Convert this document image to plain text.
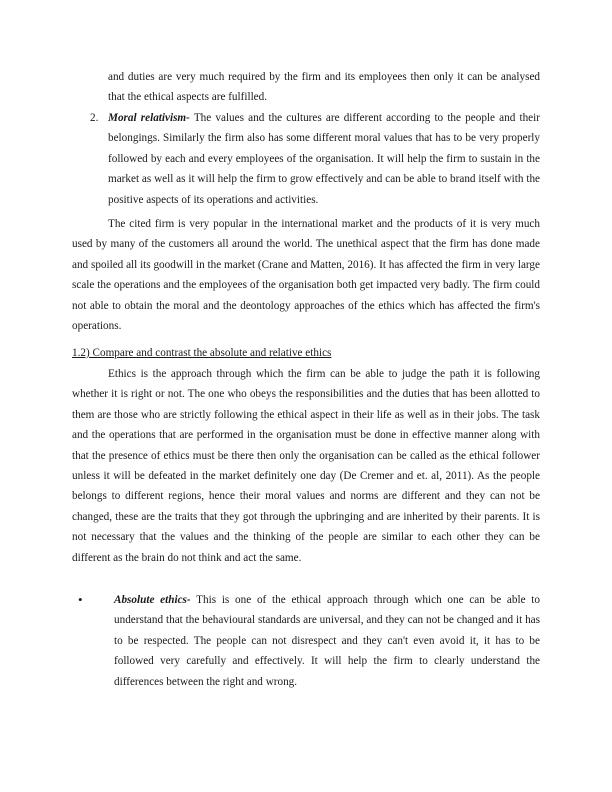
and duties are very much required by the firm and its employees then only it can be analysed that the ethical aspects are fulfilled.

2. Moral relativism- The values and the cultures are different according to the people and their belongings. Similarly the firm also has some different moral values that has to be very properly followed by each and every employees of the organisation. It will help the firm to sustain in the market as well as it will help the firm to grow effectively and can be able to brand itself with the positive aspects of its operations and activities.

The cited firm is very popular in the international market and the products of it is very much used by many of the customers all around the world. The unethical aspect that the firm has done made and spoiled all its goodwill in the market (Crane and Matten, 2016). It has affected the firm in very large scale the operations and the employees of the organisation both get impacted very badly. The firm could not able to obtain the moral and the deontology approaches of the ethics which has affected the firm's operations.

1.2) Compare and contrast the absolute and relative ethics

Ethics is the approach through which the firm can be able to judge the path it is following whether it is right or not. The one who obeys the responsibilities and the duties that has been allotted to them are those who are strictly following the ethical aspect in their life as well as in their jobs. The task and the operations that are performed in the organisation must be done in effective manner along with that the presence of ethics must be there then only the organisation can be called as the ethical follower unless it will be defeated in the market definitely one day (De Cremer and et. al, 2011). As the people belongs to different regions, hence their moral values and norms are different and they can not be changed, these are the traits that they got through the upbringing and are inherited by their parents. It is not necessary that the values and the thinking of the people are similar to each other they can be different as the brain do not think and act the same.

•	Absolute ethics- This is one of the ethical approach through which one can be able to understand that the behavioural standards are universal, and they can not be changed and it has to be respected. The people can not disrespect and they can't even avoid it, it has to be followed very carefully and effectively. It will help the firm to clearly understand the differences between the right and wrong.
